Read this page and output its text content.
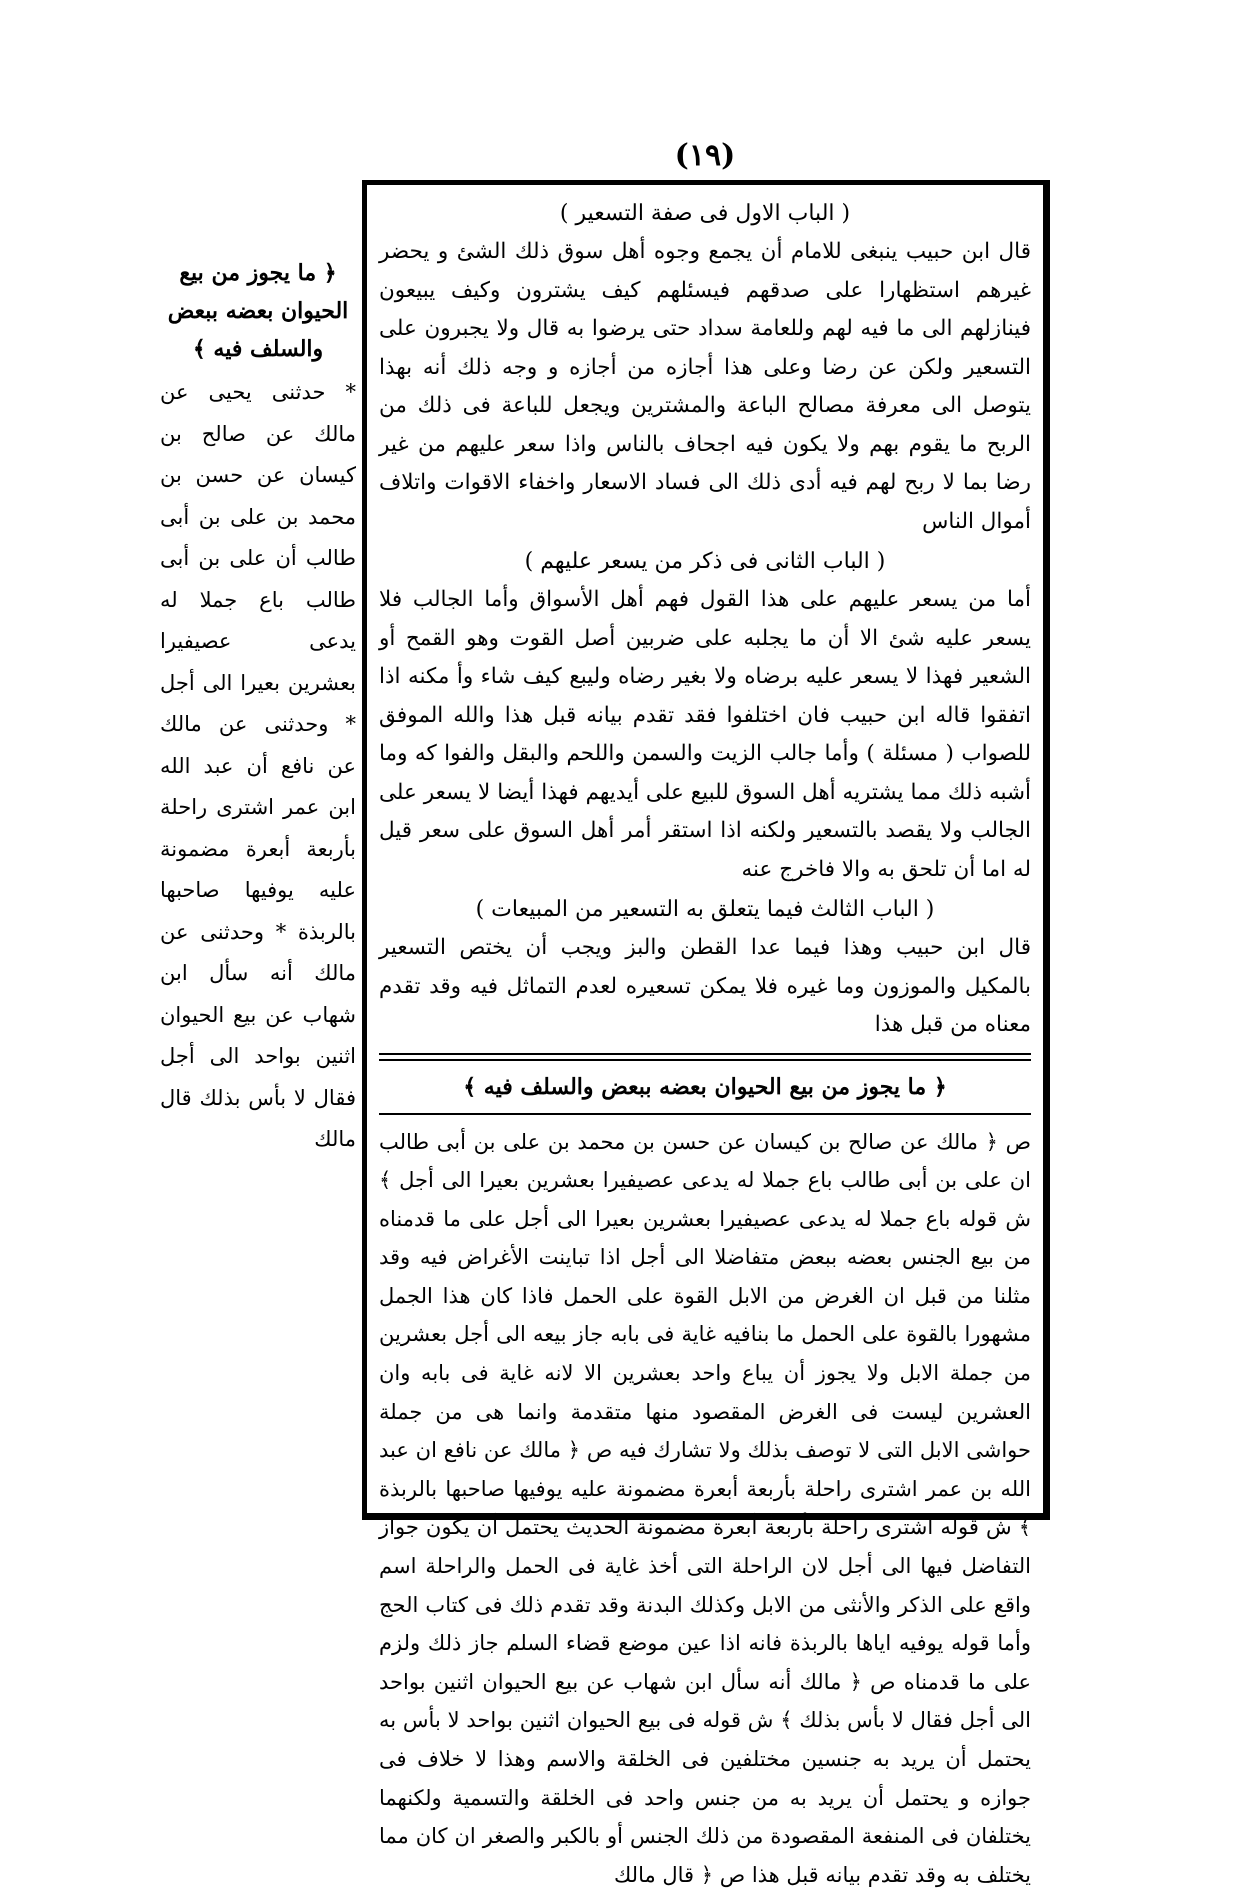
(١٩)
﴿ ما يجوز من بيع الحيوان بعضه ببعض والسلف فيه ﴾

* حدثنى يحيى عن مالك عن صالح بن كيسان عن حسن بن محمد بن على بن أبى طالب أن على بن أبى طالب باع جملا له يدعى عصيفيرا بعشرين بعيرا الى أجل * وحدثنى عن مالك عن نافع أن عبد الله ابن عمر اشترى راحلة بأربعة أبعرة مضمونة عليه يوفيها صاحبها بالربذة * وحدثنى عن مالك أنه سأل ابن شهاب عن بيع الحيوان اثنين بواحد الى أجل فقال لا بأس بذلك قال مالك

( الباب الاول فى صفة التسعير )

قال ابن حبيب ينبغى للامام أن يجمع وجوه أهل سوق ذلك الشئ و يحضر غيرهم استظهارا على صدقهم فيسئلهم كيف يشترون وكيف يبيعون فينازلهم الى ما فيه لهم وللعامة سداد حتى يرضوا به قال ولا يجبرون على التسعير ولكن عن رضا وعلى هذا أجازه من أجازه و وجه ذلك أنه بهذا يتوصل الى معرفة مصالح الباعة والمشترين ويجعل للباعة فى ذلك من الربح ما يقوم بهم ولا يكون فيه اجحاف بالناس واذا سعر عليهم من غير رضا بما لا ربح لهم فيه أدى ذلك الى فساد الاسعار واخفاء الاقوات واتلاف أموال الناس

( الباب الثانى فى ذكر من يسعر عليهم )

أما من يسعر عليهم على هذا القول فهم أهل الأسواق وأما الجالب فلا يسعر عليه شئ الا أن ما يجلبه على ضربين أصل القوت وهو القمح أو الشعير فهذا لا يسعر عليه برضاه ولا بغير رضاه وليبع كيف شاء وأ مكنه اذا اتفقوا قاله ابن حبيب فان اختلفوا فقد تقدم بيانه قبل هذا والله الموفق للصواب ( مسئلة ) وأما جالب الزيت والسمن واللحم والبقل والفوا كه وما أشبه ذلك مما يشتريه أهل السوق للبيع على أيديهم فهذا أيضا لا يسعر على الجالب ولا يقصد بالتسعير ولكنه اذا استقر أمر أهل السوق على سعر قيل له اما أن تلحق به والا فاخرج عنه

( الباب الثالث فيما يتعلق به التسعير من المبيعات )

قال ابن حبيب وهذا فيما عدا القطن والبز ويجب أن يختص التسعير بالمكيل والموزون وما غيره فلا يمكن تسعيره لعدم التماثل فيه وقد تقدم معناه من قبل هذا

﴿ ما يجوز من بيع الحيوان بعضه ببعض والسلف فيه ﴾

ص ﴿ مالك عن صالح بن كيسان عن حسن بن محمد بن على بن أبى طالب ان على بن أبى طالب باع جملا له يدعى عصيفيرا بعشرين بعيرا الى أجل ﴾ ش قوله باع جملا له يدعى عصيفيرا بعشرين بعيرا الى أجل على ما قدمناه من بيع الجنس بعضه ببعض متفاضلا الى أجل اذا تباينت الأغراض فيه وقد مثلنا من قبل ان الغرض من الابل القوة على الحمل فاذا كان هذا الجمل مشهورا بالقوة على الحمل ما بنافيه غاية فى بابه جاز بيعه الى أجل بعشرين من جملة الابل ولا يجوز أن يباع واحد بعشرين الا لانه غاية فى بابه وان العشرين ليست فى الغرض المقصود منها متقدمة وانما هى من جملة حواشى الابل التى لا توصف بذلك ولا تشارك فيه ص ﴿ مالك عن نافع ان عبد الله بن عمر اشترى راحلة بأربعة أبعرة مضمونة عليه يوفيها صاحبها بالربذة ﴾ ش قوله اشترى راحلة بأربعة أبعرة مضمونة الحديث يحتمل أن يكون جواز التفاضل فيها الى أجل لان الراحلة التى أخذ غاية فى الحمل والراحلة اسم واقع على الذكر والأنثى من الابل وكذلك البدنة وقد تقدم ذلك فى كتاب الحج وأما قوله يوفيه اياها بالربذة فانه اذا عين موضع قضاء السلم جاز ذلك ولزم على ما قدمناه ص ﴿ مالك أنه سأل ابن شهاب عن بيع الحيوان اثنين بواحد الى أجل فقال لا بأس بذلك ﴾ ش قوله فى بيع الحيوان اثنين بواحد لا بأس به يحتمل أن يريد به جنسين مختلفين فى الخلقة والاسم وهذا لا خلاف فى جوازه و يحتمل أن يريد به من جنس واحد فى الخلقة والتسمية ولكنهما يختلفان فى المنفعة المقصودة من ذلك الجنس أو بالكبر والصغر ان كان مما يختلف به وقد تقدم بيانه قبل هذا ص ﴿ قال مالك
